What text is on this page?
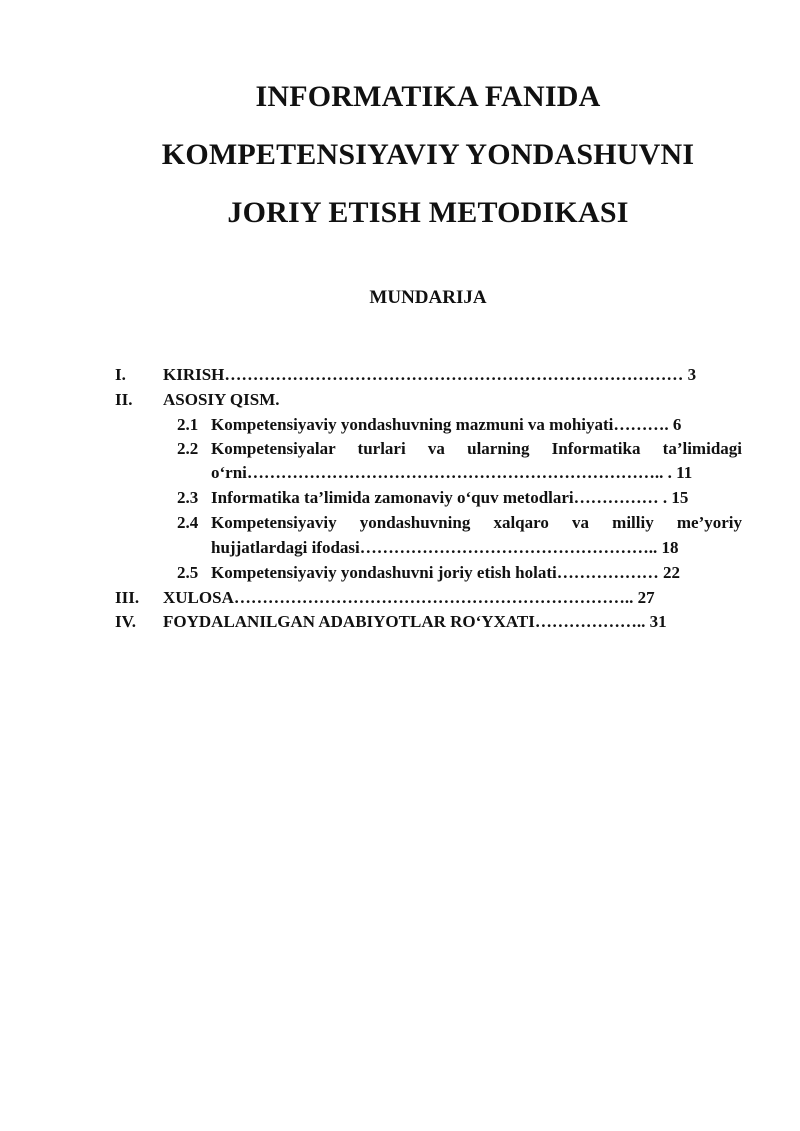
INFORMATIKA FANIDA
KOMPETENSIYAVIY YONDASHUVNI
JORIY ETISH METODIKASI
MUNDARIJA
I. KIRISH……………………………………………………………………… 3
II. ASOSIY QISM.
2.1 Kompetensiyaviy yondashuvning mazmuni va mohiyati………. 6
2.2 Kompetensiyalar turlari va ularning Informatika ta’limidagi
o‘rni……………………………………………………………….. . 11
2.3 Informatika ta’limida zamonaviy o‘quv metodlari…………… . 15
2.4 Kompetensiyaviy yondashuvning xalqaro va milliy me’yoriy
hujjatlardagi ifodasi…………………………………………….. 18
2.5 Kompetensiyaviy yondashuvni joriy etish holati……………… 22
III. XULOSA…………………………………………………………….. 27
IV. FOYDALANILGAN ADABIYOTLAR RO‘YXATI……………….. 31
